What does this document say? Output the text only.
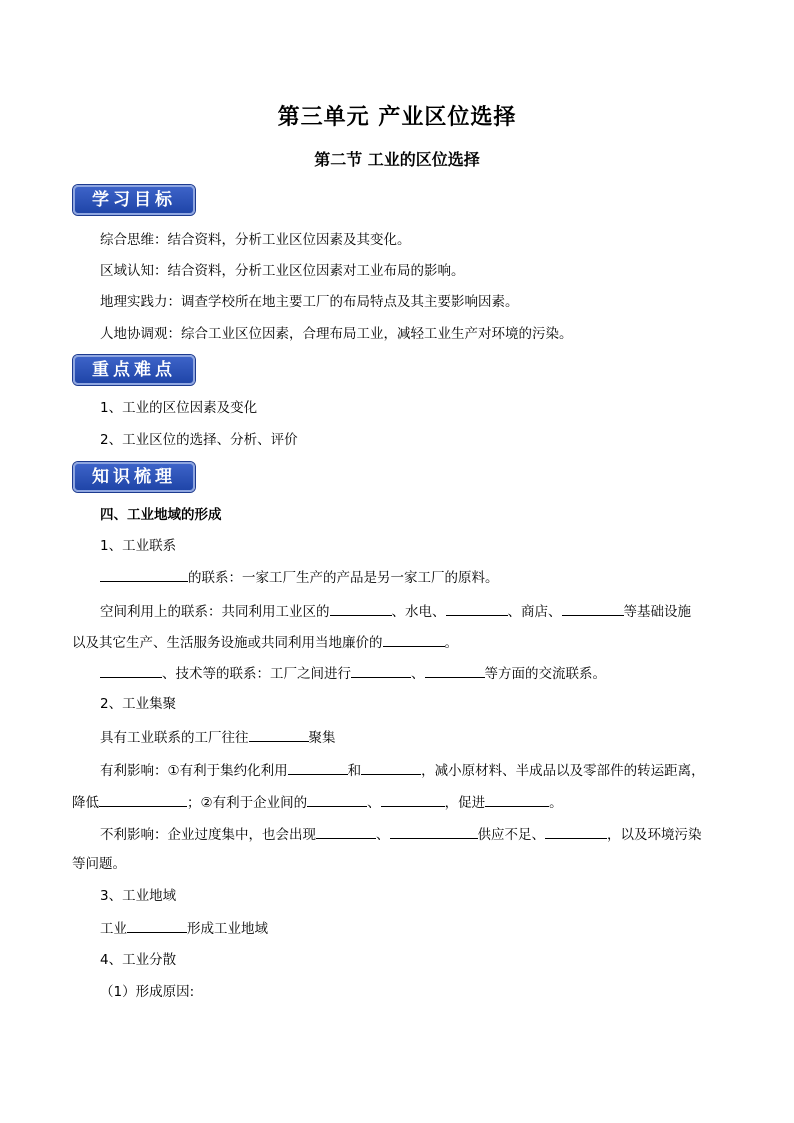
第三单元 产业区位选择
第二节 工业的区位选择
学习目标
综合思维：结合资料，分析工业区位因素及其变化。
区域认知：结合资料，分析工业区位因素对工业布局的影响。
地理实践力：调查学校所在地主要工厂的布局特点及其主要影响因素。
人地协调观：综合工业区位因素，合理布局工业，减轻工业生产对环境的污染。
重点难点
1、工业的区位因素及变化
2、工业区位的选择、分析、评价
知识梳理
四、工业地域的形成
1、工业联系
的联系：一家工厂生产的产品是另一家工厂的原料。
空间利用上的联系：共同利用工业区的	、水电、	、商店、	等基础设施
以及其它生产、生活服务设施或共同利用当地廉价的	。
、技术等的联系：工厂之间进行	、	等方面的交流联系。
2、工业集聚
具有工业联系的工厂往往	聚集
有利影响：①有利于集约化利用	和	，减小原材料、半成品以及零部件的转运距离，
降低	；②有利于企业间的	、	，促进	。
不利影响：企业过度集中，也会出现	、	供应不足、	，以及环境污染
等问题。
3、工业地域
工业	形成工业地域
4、工业分散
（1）形成原因:
